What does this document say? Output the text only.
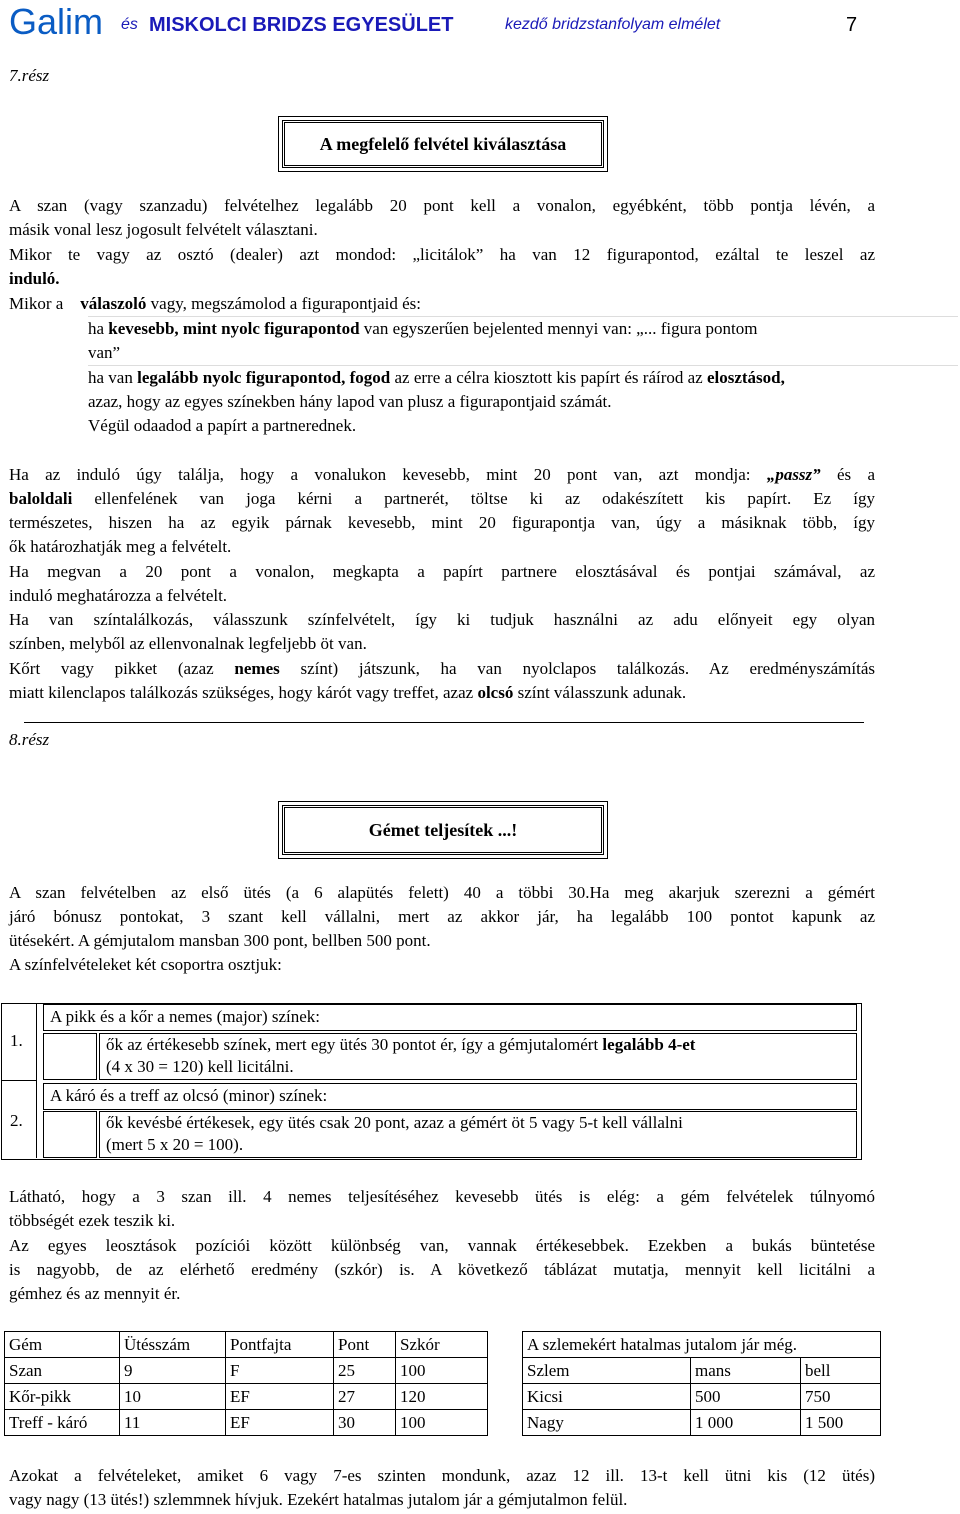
Galim és MISKOLCI BRIDZS EGYESÜLET	kezdő bridzstanfolyam elmélet	7
7.rész
A megfelelő felvétel kiválasztása
A szan (vagy szanzadu) felvételhez legalább 20 pont kell a vonalon, egyébként, több pontja lévén, a
másik vonal lesz jogosult felvételt választani.
Mikor te vagy az osztó (dealer) azt mondod: „licitálok” ha van 12 figurapontod, ezáltal te leszel az
induló.
Mikor a válaszoló vagy, megszámolod a figurapontjaid és:
ha kevesebb, mint nyolc figurapontod van egyszerűen bejelented mennyi van: „... figura pontom
van”
ha van legalább nyolc figurapontod, fogod az erre a célra kiosztott kis papírt és ráírod az elosztásod,
azaz, hogy az egyes színekben hány lapod van plusz a figurapontjaid számát.
Végül odaadod a papírt a partnerednek.
Ha az induló úgy találja, hogy a vonalukon kevesebb, mint 20 pont van, azt mondja: „passz” és a
baloldali ellenfelének van joga kérni a partnerét, töltse ki az odakészített kis papírt. Ez így
természetes, hiszen ha az egyik párnak kevesebb, mint 20 figurapontja van, úgy a másiknak több, így
ők határozhatják meg a felvételt.
Ha megvan a 20 pont a vonalon, megkapta a papírt partnere elosztásával és pontjai számával, az
induló meghatározza a felvételt.
Ha van színtalálkozás, válasszunk színfelvételt, így ki tudjuk használni az adu előnyeit egy olyan
színben, melyből az ellenvonalnak legfeljebb öt van.
Kőrt vagy pikket (azaz nemes színt) játszunk, ha van nyolclapos találkozás. Az eredményszámítás
miatt kilenclapos találkozás szükséges, hogy kárót vagy treffet, azaz olcsó színt válasszunk adunak.
8.rész
Gémet teljesítek ...!
A szan felvételben az első ütés (a 6 alapütés felett) 40 a többi 30.Ha meg akarjuk szerezni a gémért
járó bónusz pontokat, 3 szant kell vállalni, mert az akkor jár, ha legalább 100 pontot kapunk az
ütésekért. A gémjutalom mansban 300 pont, bellben 500 pont.
A színfelvételeket két csoportra osztjuk:
1.
A pikk és a kőr a nemes (major) színek:
ők az értékesebb színek, mert egy ütés 30 pontot ér, így a gémjutalomért legalább 4-et
(4 x 30 = 120) kell licitálni.
2.
A káró és a treff az olcsó (minor) színek:
ők kevésbé értékesek, egy ütés csak 20 pont, azaz a gémért öt 5 vagy 5-t kell vállalni
(mert 5 x 20 = 100).
Látható, hogy a 3 szan ill. 4 nemes teljesítéséhez kevesebb ütés is elég: a gém felvételek túlnyomó
többségét ezek teszik ki.
Az egyes leosztások pozíciói között különbség van, vannak értékesebbek. Ezekben a bukás büntetése
is nagyobb, de az elérhető eredmény (szkór) is. A következő táblázat mutatja, mennyit kell licitálni a
gémhez és az mennyit ér.
Gém	Ütésszám	Pontfajta	Pont	Szkór
Szan	9	F	25	100
Kőr-pikk	10	EF	27	120
Treff - káró	11	EF	30	100
A szlemekért hatalmas jutalom jár még.		
Szlem	mans	bell
Kicsi	500	750
Nagy	1 000	1 500
Azokat a felvételeket, amiket 6 vagy 7-es szinten mondunk, azaz 12 ill. 13-t kell ütni kis (12 ütés)
vagy nagy (13 ütés!) szlemmnek hívjuk. Ezekért hatalmas jutalom jár a gémjutalmon felül.
